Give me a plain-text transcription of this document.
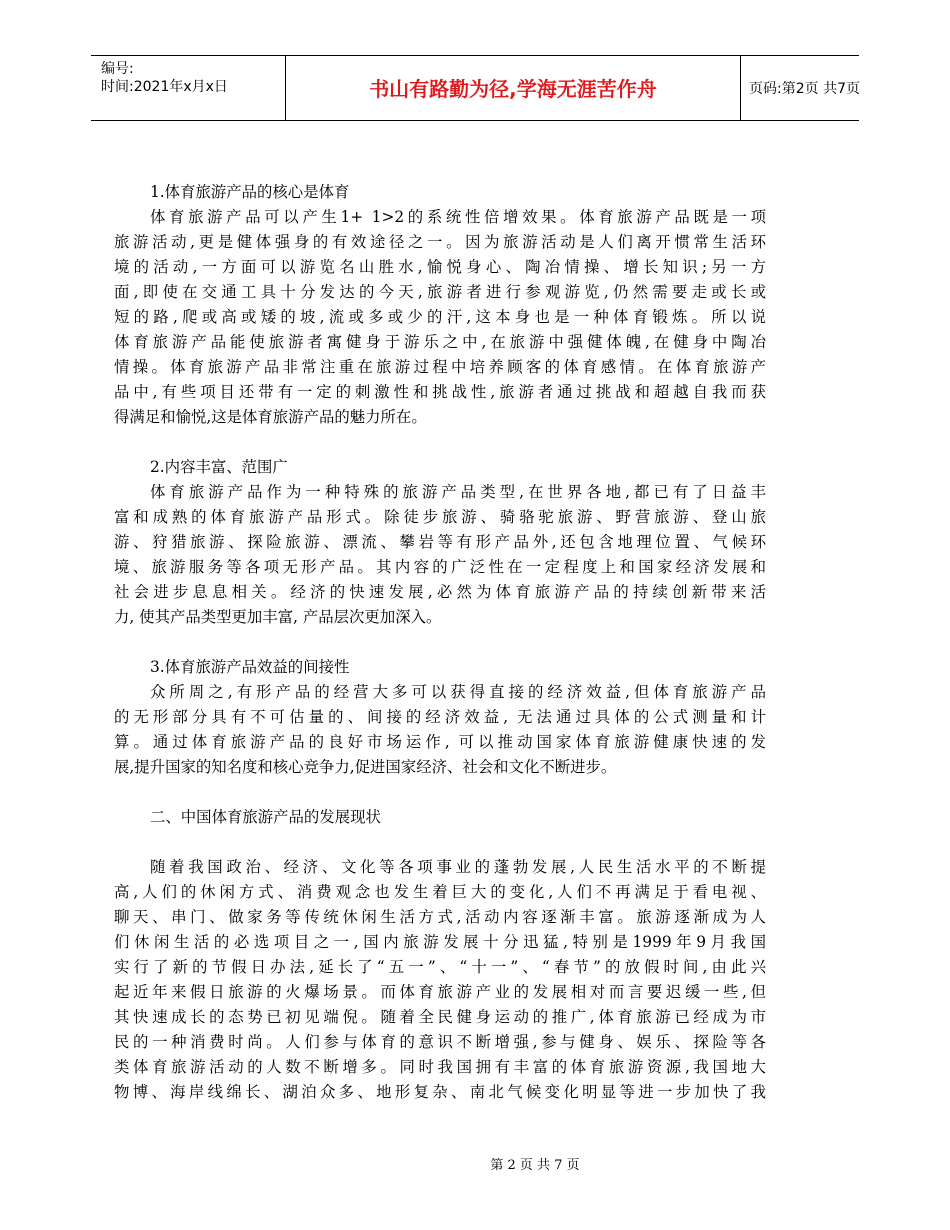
编号:
时间:2021年x月x日	书山有路勤为径,学海无涯苦作舟	页码:第2页 共7页
1.体育旅游产品的核心是体育
体育旅游产品可以产生1+ 1>2的系统性倍增效果。体育旅游产品既是一项
旅游活动,更是健体强身的有效途径之一。因为旅游活动是人们离开惯常生活环
境的活动,一方面可以游览名山胜水,愉悦身心、陶冶情操、增长知识;另一方
面,即使在交通工具十分发达的今天,旅游者进行参观游览,仍然需要走或长或
短的路,爬或高或矮的坡,流或多或少的汗,这本身也是一种体育锻炼。所以说
体育旅游产品能使旅游者寓健身于游乐之中,在旅游中强健体魄,在健身中陶冶
情操。体育旅游产品非常注重在旅游过程中培养顾客的体育感情。在体育旅游产
品中,有些项目还带有一定的刺激性和挑战性,旅游者通过挑战和超越自我而获
得满足和愉悦,这是体育旅游产品的魅力所在。
2.内容丰富、范围广
体育旅游产品作为一种特殊的旅游产品类型,在世界各地,都已有了日益丰
富和成熟的体育旅游产品形式。除徒步旅游、骑骆驼旅游、野营旅游、登山旅
游、狩猎旅游、探险旅游、漂流、攀岩等有形产品外,还包含地理位置、气候环
境、旅游服务等各项无形产品。其内容的广泛性在一定程度上和国家经济发展和
社会进步息息相关。经济的快速发展,必然为体育旅游产品的持续创新带来活
力, 使其产品类型更加丰富, 产品层次更加深入。
3.体育旅游产品效益的间接性
众所周之,有形产品的经营大多可以获得直接的经济效益,但体育旅游产品
的无形部分具有不可估量的、间接的经济效益, 无法通过具体的公式测量和计
算。通过体育旅游产品的良好市场运作, 可以推动国家体育旅游健康快速的发
展,提升国家的知名度和核心竞争力,促进国家经济、社会和文化不断进步。
二、中国体育旅游产品的发展现状
随着我国政治、经济、文化等各项事业的蓬勃发展,人民生活水平的不断提
高,人们的休闲方式、消费观念也发生着巨大的变化,人们不再满足于看电视、
聊天、串门、做家务等传统休闲生活方式,活动内容逐渐丰富。旅游逐渐成为人
们休闲生活的必选项目之一,国内旅游发展十分迅猛,特别是1999年9月我国
实行了新的节假日办法,延长了“五一”、“十一”、“春节”的放假时间,由此兴
起近年来假日旅游的火爆场景。而体育旅游产业的发展相对而言要迟缓一些,但
其快速成长的态势已初见端倪。随着全民健身运动的推广,体育旅游已经成为市
民的一种消费时尚。人们参与体育的意识不断增强,参与健身、娱乐、探险等各
类体育旅游活动的人数不断增多。同时我国拥有丰富的体育旅游资源,我国地大
物博、海岸线绵长、湖泊众多、地形复杂、南北气候变化明显等进一步加快了我
第 2 页 共 7 页
